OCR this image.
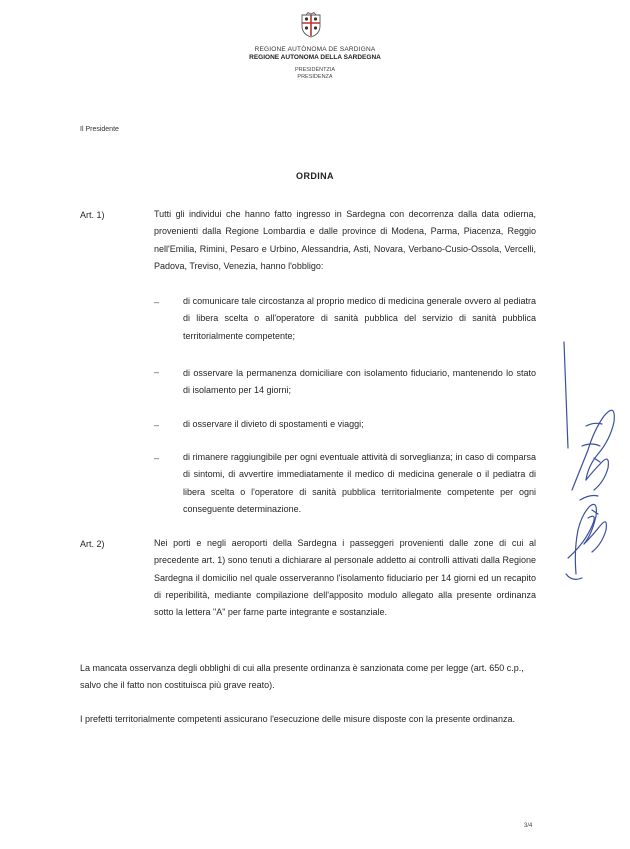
REGIONE AUTÒNOMA DE SARDIGNA
REGIONE AUTONOMA DELLA SARDEGNA
PRESIDÈNTZIA
PRESIDENZA
Il Presidente
ORDINA
Art. 1)	Tutti gli individui che hanno fatto ingresso in Sardegna con decorrenza dalla data odierna, provenienti dalla Regione Lombardia e dalle province di Modena, Parma, Piacenza, Reggio nell'Emilia, Rimini, Pesaro e Urbino, Alessandria, Asti, Novara, Verbano-Cusio-Ossola, Vercelli, Padova, Treviso, Venezia, hanno l'obbligo:
–	di comunicare tale circostanza al proprio medico di medicina generale ovvero al pediatra di libera scelta o all'operatore di sanità pubblica del servizio di sanità pubblica territorialmente competente;
–	di osservare la permanenza domiciliare con isolamento fiduciario, mantenendo lo stato di isolamento per 14 giorni;
–	di osservare il divieto di spostamenti e viaggi;
–	di rimanere raggiungibile per ogni eventuale attività di sorveglianza; in caso di comparsa di sintomi, di avvertire immediatamente il medico di medicina generale o il pediatra di libera scelta o l'operatore di sanità pubblica territorialmente competente per ogni conseguente determinazione.
Art. 2)	Nei porti e negli aeroporti della Sardegna i passeggeri provenienti dalle zone di cui al precedente art. 1) sono tenuti a dichiarare al personale addetto ai controlli attivati dalla Regione Sardegna il domicilio nel quale osserveranno l'isolamento fiduciario per 14 giorni ed un recapito di reperibilità, mediante compilazione dell'apposito modulo allegato alla presente ordinanza sotto la lettera "A" per farne parte integrante e sostanziale.
La mancata osservanza degli obblighi di cui alla presente ordinanza è sanzionata come per legge (art. 650 c.p., salvo che il fatto non costituisca più grave reato).
I prefetti territorialmente competenti assicurano l'esecuzione delle misure disposte con la presente ordinanza.
3/4
